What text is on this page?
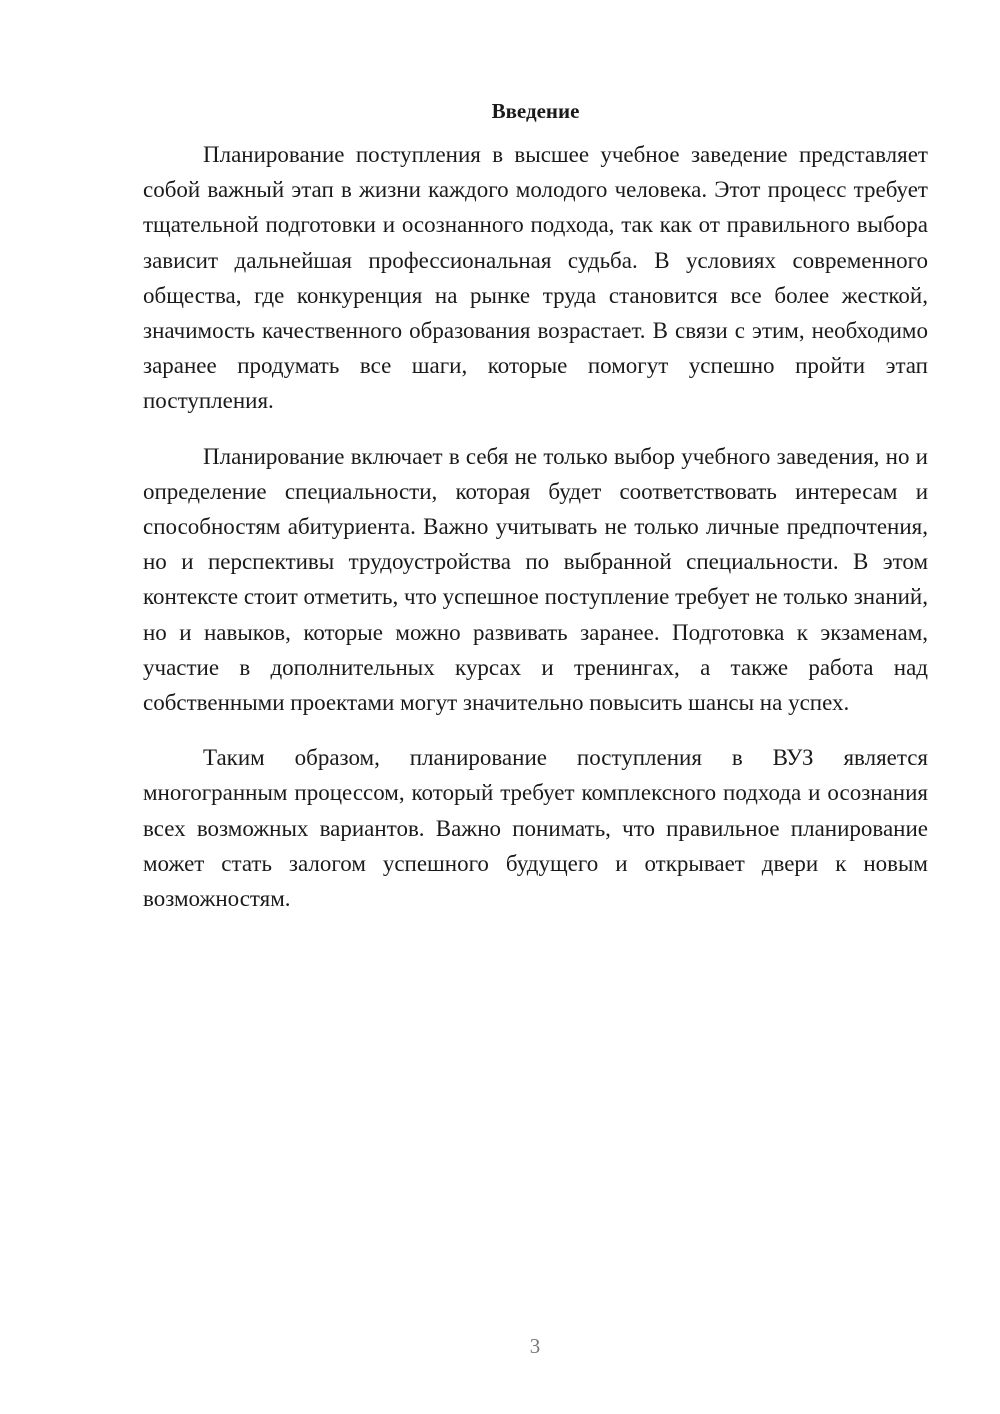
Введение

Планирование поступления в высшее учебное заведение представляет собой важный этап в жизни каждого молодого человека. Этот процесс требует тщательной подготовки и осознанного подхода, так как от правильного выбора зависит дальнейшая профессиональная судьба. В условиях современного общества, где конкуренция на рынке труда становится все более жесткой, значимость качественного образования возрастает. В связи с этим, необходимо заранее продумать все шаги, которые помогут успешно пройти этап поступления.

Планирование включает в себя не только выбор учебного заведения, но и определение специальности, которая будет соответствовать интересам и способностям абитуриента. Важно учитывать не только личные предпочтения, но и перспективы трудоустройства по выбранной специальности. В этом контексте стоит отметить, что успешное поступление требует не только знаний, но и навыков, которые можно развивать заранее. Подготовка к экзаменам, участие в дополнительных курсах и тренингах, а также работа над собственными проектами могут значительно повысить шансы на успех.

Таким образом, планирование поступления в ВУЗ является многогранным процессом, который требует комплексного подхода и осознания всех возможных вариантов. Важно понимать, что правильное планирование может стать залогом успешного будущего и открывает двери к новым возможностям.

3
